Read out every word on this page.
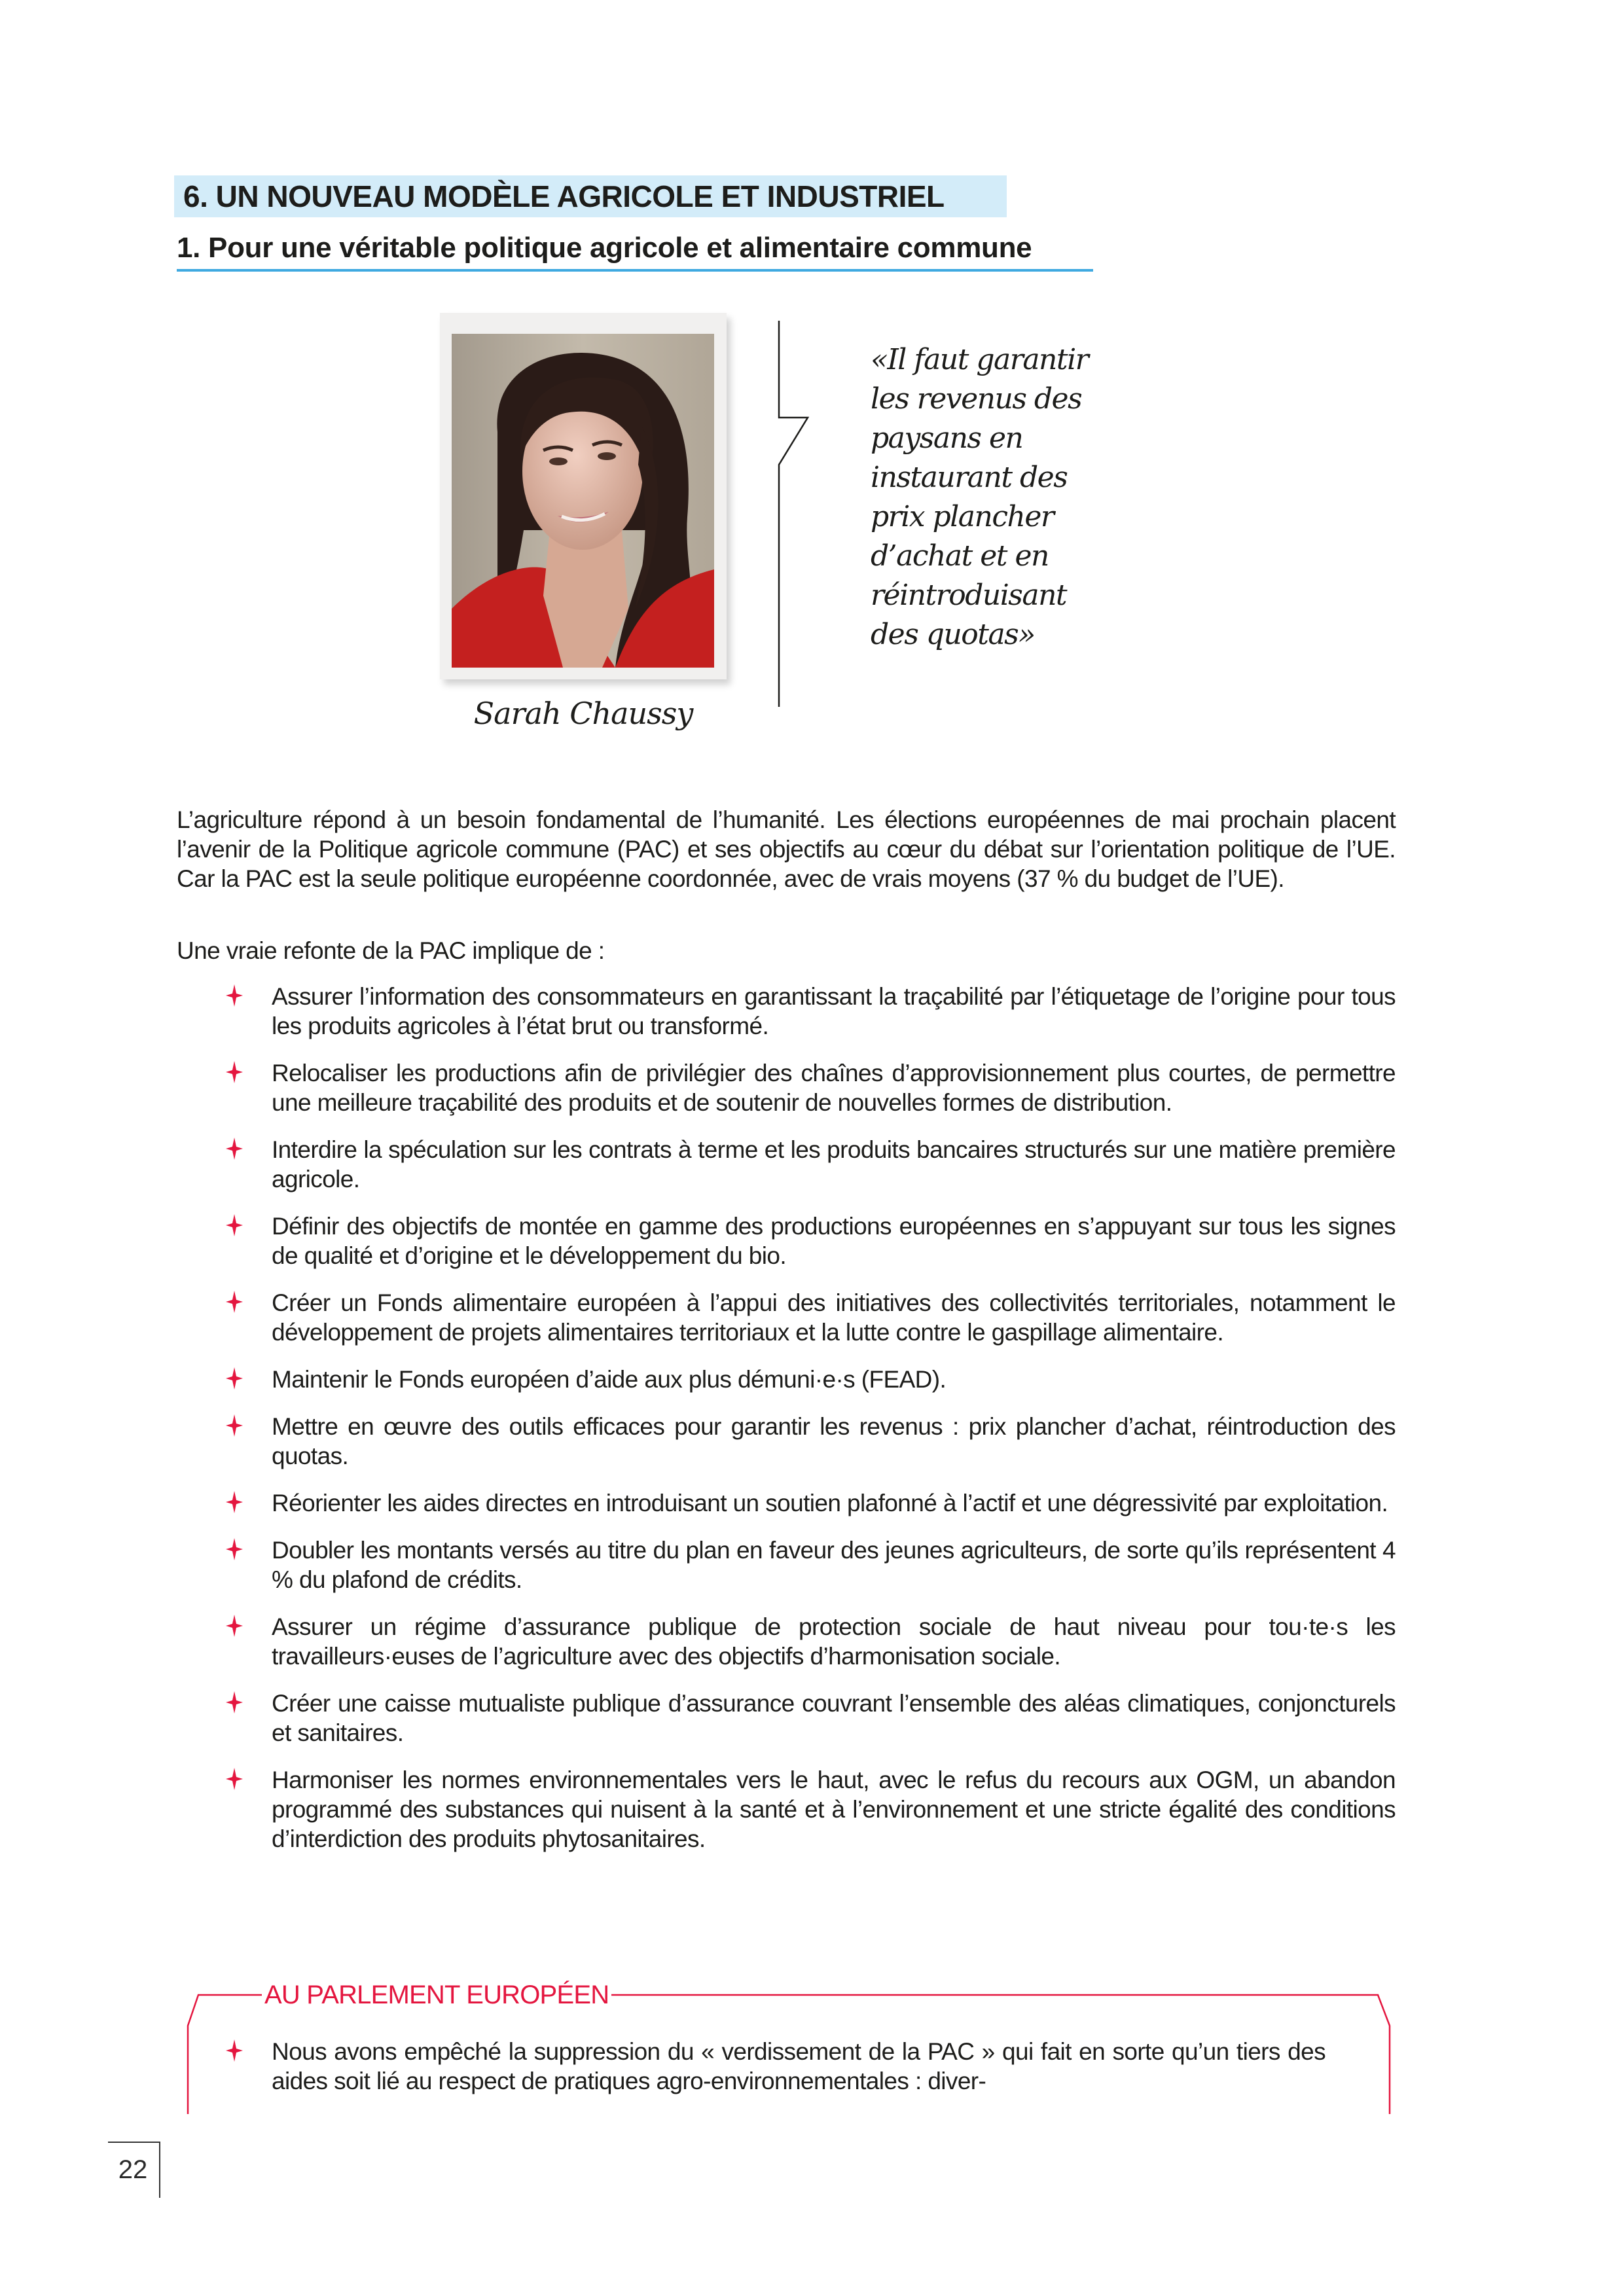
6. UN NOUVEAU MODÈLE AGRICOLE ET INDUSTRIEL
1. Pour une véritable politique agricole et alimentaire commune
Sarah Chaussy
«Il faut garantir
les revenus des
paysans en
instaurant des
prix plancher
d’achat et en
réintroduisant
des quotas»
L’agriculture répond à un besoin fondamental de l’humanité. Les élections européennes de mai prochain placent l’avenir de la Politique agricole commune (PAC) et ses objectifs au cœur du débat sur l’orientation politique de l’UE. Car la PAC est la seule politique européenne coordonnée, avec de vrais moyens (37 % du budget de l’UE).
Une vraie refonte de la PAC implique de :
Assurer l’information des consommateurs en garantissant la traçabilité par l’étiquetage de l’origine pour tous les produits agricoles à l’état brut ou transformé.
Relocaliser les productions afin de privilégier des chaînes d’approvisionnement plus courtes, de permettre une meilleure traçabilité des produits et de soutenir de nouvelles formes de distribution.
Interdire la spéculation sur les contrats à terme et les produits bancaires structurés sur une matière première agricole.
Définir des objectifs de montée en gamme des productions européennes en s’appuyant sur tous les signes de qualité et d’origine et le développement du bio.
Créer un Fonds alimentaire européen à l’appui des initiatives des collectivités territoriales, notamment le développement de projets alimentaires territoriaux et la lutte contre le gaspillage alimentaire.
Maintenir le Fonds européen d’aide aux plus démuni·e·s (FEAD).
Mettre en œuvre des outils efficaces pour garantir les revenus : prix plancher d’achat, réintroduction des quotas.
Réorienter les aides directes en introduisant un soutien plafonné à l’actif et une dégressivité par exploitation.
Doubler les montants versés au titre du plan en faveur des jeunes agriculteurs, de sorte qu’ils représentent 4 % du plafond de crédits.
Assurer un régime d’assurance publique de protection sociale de haut niveau pour tou·te·s les travailleurs·euses de l’agriculture avec des objectifs d’harmonisation sociale.
Créer une caisse mutualiste publique d’assurance couvrant l’ensemble des aléas climatiques, conjoncturels et sanitaires.
Harmoniser les normes environnementales vers le haut, avec le refus du recours aux OGM, un abandon programmé des substances qui nuisent à la santé et à l’environnement et une stricte égalité des conditions d’interdiction des produits phytosanitaires.
AU PARLEMENT EUROPÉEN
Nous avons empêché la suppression du « verdissement de la PAC » qui fait en sorte qu’un tiers des aides soit lié au respect de pratiques agro-environnementales : diver-
22
